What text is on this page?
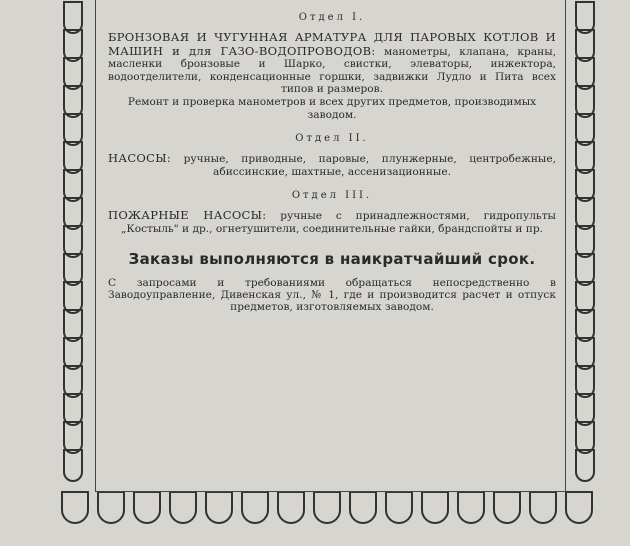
Отдел I.

БРОНЗОВАЯ И ЧУГУННАЯ АРМАТУРА ДЛЯ ПАРОВЫХ КОТЛОВ И МАШИН и для ГАЗО-ВОДОПРОВОДОВ: манометры, клапана, краны, масленки бронзовые и Шарко, свистки, элеваторы, инжектора, водоотделители, конденсационные горшки, задвижки Лудло и Пита всех типов и размеров.

Ремонт и проверка манометров и всех других предметов, производимых заводом.

Отдел II.

НАСОСЫ: ручные, приводные, паровые, плунжерные, центробежные, абиссинские, шахтные, ассенизационные.

Отдел III.

ПОЖАРНЫЕ НАСОСЫ: ручные с принадлежностями, гидропульты „Костыль" и др., огнетушители, соединительные гайки, брандспойты и пр.

Заказы выполняются в наикратчайший срок.

С запросами и требованиями обращаться непосредственно в Заводоуправление, Дивенская ул., № 1, где и производится расчет и отпуск предметов, изготовляемых заводом.
